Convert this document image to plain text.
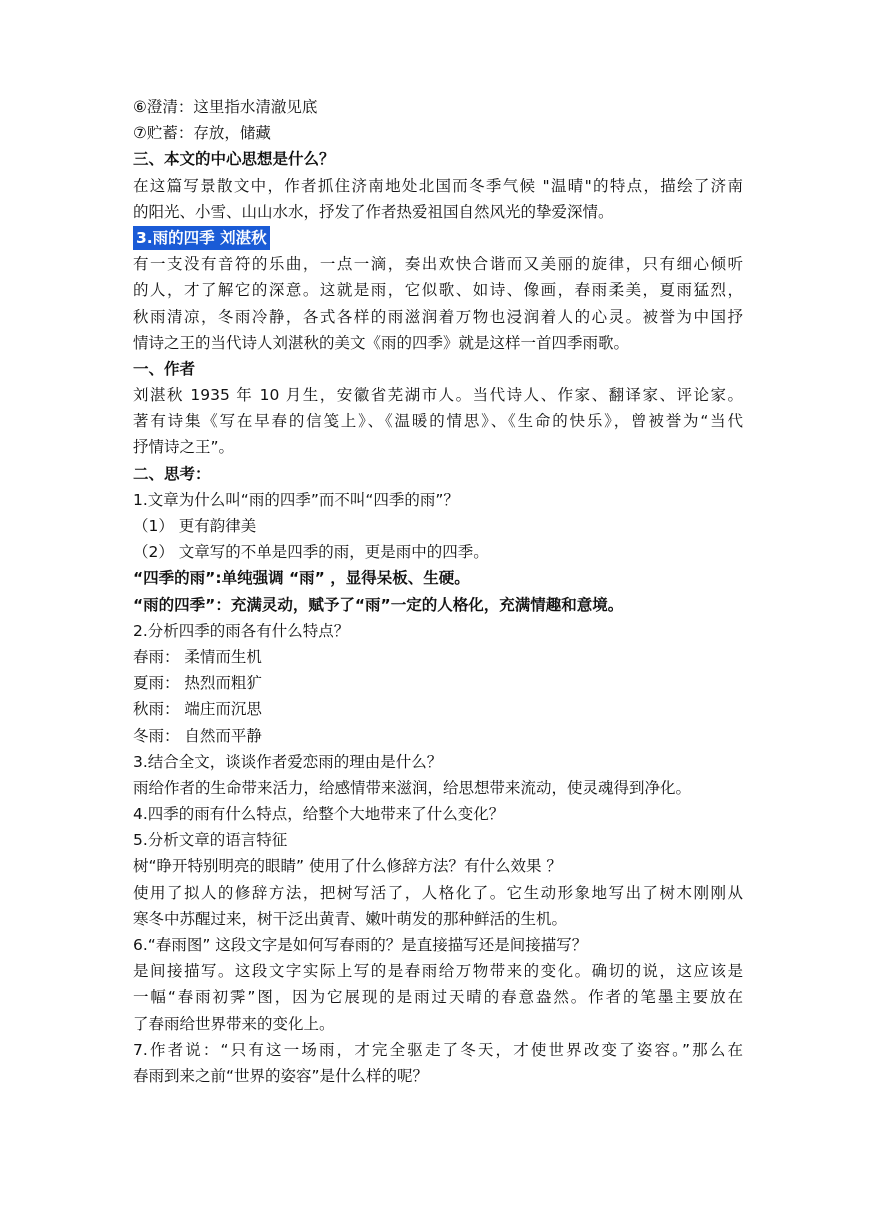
⑥澄清：这里指水清澈见底
⑦贮蓄：存放，储藏
三、本文的中心思想是什么？
在这篇写景散文中，作者抓住济南地处北国而冬季气候 "温晴"的特点，描绘了济南
的阳光、小雪、山山水水，抒发了作者热爱祖国自然风光的挚爱深情。
3.雨的四季 刘湛秋
有一支没有音符的乐曲，一点一滴，奏出欢快合谐而又美丽的旋律，只有细心倾听
的人，才了解它的深意。这就是雨，它似歌、如诗、像画，春雨柔美，夏雨猛烈，
秋雨清凉，冬雨冷静，各式各样的雨滋润着万物也浸润着人的心灵。被誉为中国抒
情诗之王的当代诗人刘湛秋的美文《雨的四季》就是这样一首四季雨歌。
一、作者
刘湛秋 1935 年 10 月生，安徽省芜湖市人。当代诗人、作家、翻译家、评论家。
著有诗集《写在早春的信笺上》、《温暖的情思》、《生命的快乐》，曾被誉为“当代
抒情诗之王”。
二、思考：
1.文章为什么叫“雨的四季”而不叫“四季的雨”？
（1） 更有韵律美
（2） 文章写的不单是四季的雨，更是雨中的四季。
“四季的雨”:单纯强调 “雨” ，显得呆板、生硬。
“雨的四季”：充满灵动，赋予了“雨”一定的人格化，充满情趣和意境。
2.分析四季的雨各有什么特点？
春雨： 柔情而生机
夏雨： 热烈而粗犷
秋雨： 端庄而沉思
冬雨： 自然而平静
3.结合全文，谈谈作者爱恋雨的理由是什么？
雨给作者的生命带来活力，给感情带来滋润，给思想带来流动，使灵魂得到净化。
4.四季的雨有什么特点，给整个大地带来了什么变化？
5.分析文章的语言特征
树“睁开特别明亮的眼睛” 使用了什么修辞方法？有什么效果 ？
使用了拟人的修辞方法，把树写活了，人格化了。它生动形象地写出了树木刚刚从
寒冬中苏醒过来，树干泛出黄青、嫩叶萌发的那种鲜活的生机。
6.“春雨图” 这段文字是如何写春雨的？是直接描写还是间接描写？
是间接描写。这段文字实际上写的是春雨给万物带来的变化。确切的说，这应该是
一幅“春雨初霁”图，因为它展现的是雨过天晴的春意盎然。作者的笔墨主要放在
了春雨给世界带来的变化上。
7.作者说：“只有这一场雨，才完全驱走了冬天，才使世界改变了姿容。”那么在
春雨到来之前“世界的姿容”是什么样的呢？
